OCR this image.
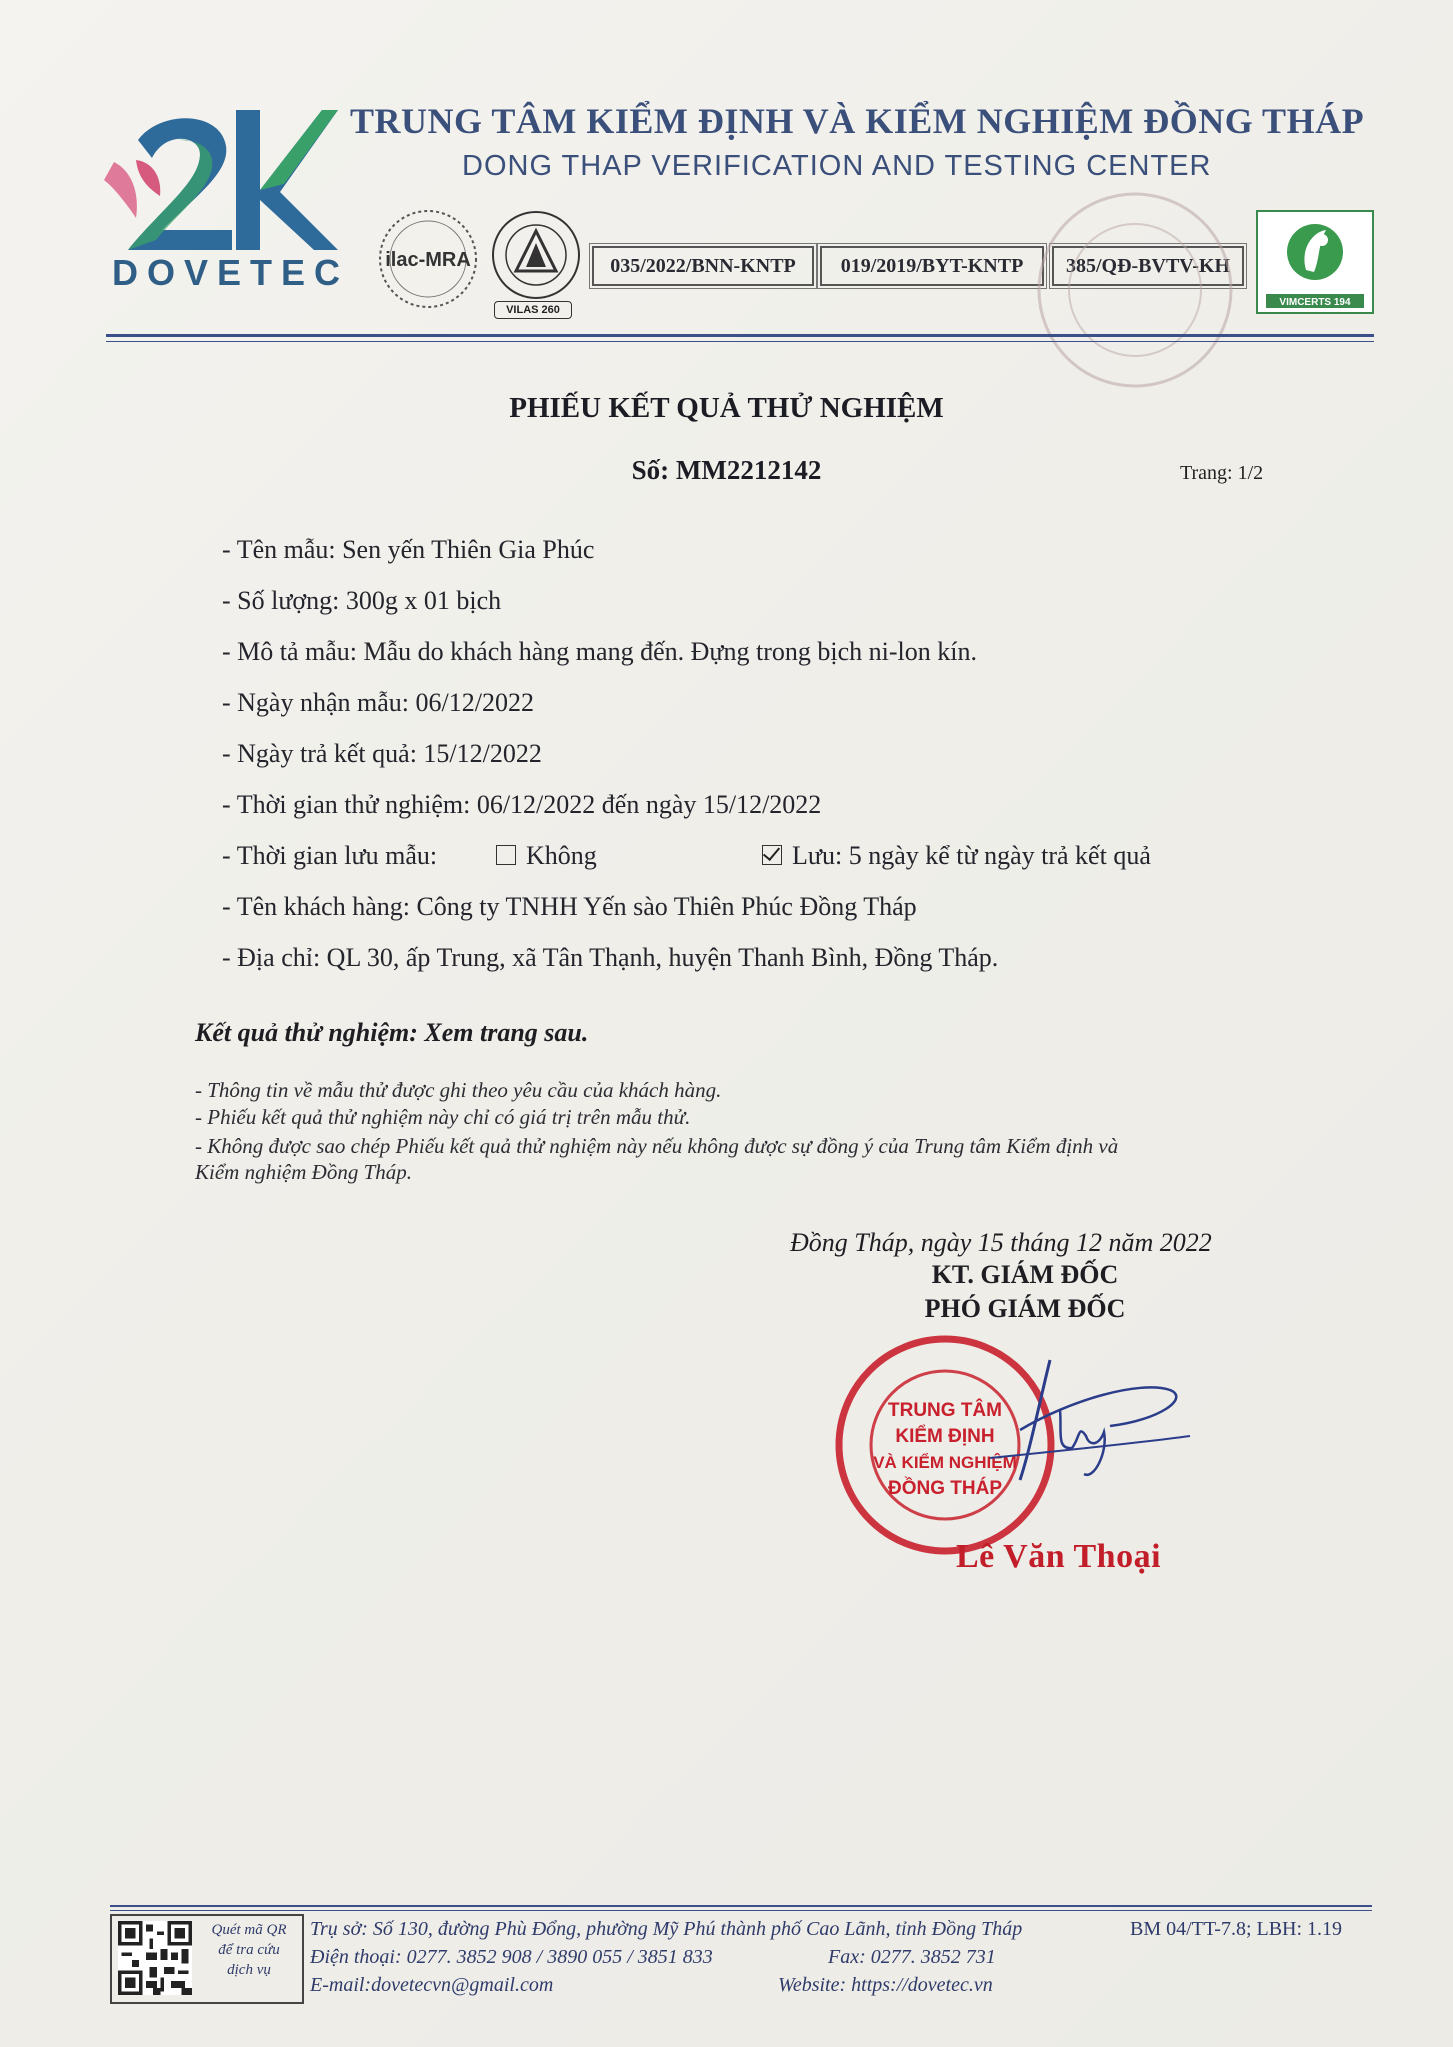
DOVETEC
TRUNG TÂM KIỂM ĐỊNH VÀ KIỂM NGHIỆM ĐỒNG THÁP
DONG THAP VERIFICATION AND TESTING CENTER
ilac-MRA
VILAS 260
035/2022/BNN-KNTP	019/2019/BYT-KNTP	385/QĐ-BVTV-KH
VIMCERTS 194
PHIẾU KẾT QUẢ THỬ NGHIỆM
Số: MM2212142	Trang: 1/2
- Tên mẫu: Sen yến Thiên Gia Phúc
- Số lượng: 300g x 01 bịch
- Mô tả mẫu: Mẫu do khách hàng mang đến. Đựng trong bịch ni-lon kín.
- Ngày nhận mẫu: 06/12/2022
- Ngày trả kết quả: 15/12/2022
- Thời gian thử nghiệm: 06/12/2022 đến ngày 15/12/2022
- Thời gian lưu mẫu:	Không	Lưu: 5 ngày kể từ ngày trả kết quả
- Tên khách hàng: Công ty TNHH Yến sào Thiên Phúc Đồng Tháp
- Địa chỉ: QL 30, ấp Trung, xã Tân Thạnh, huyện Thanh Bình, Đồng Tháp.
Kết quả thử nghiệm: Xem trang sau.
- Thông tin về mẫu thử được ghi theo yêu cầu của khách hàng.
- Phiếu kết quả thử nghiệm này chỉ có giá trị trên mẫu thử.
- Không được sao chép Phiếu kết quả thử nghiệm này nếu không được sự đồng ý của Trung tâm Kiểm định và
Kiểm nghiệm Đồng Tháp.
Đồng Tháp, ngày 15 tháng 12 năm 2022
KT. GIÁM ĐỐC
PHÓ GIÁM ĐỐC
TRUNG TÂM
KIỂM ĐỊNH
VÀ KIỂM NGHIỆM
ĐỒNG THÁP
Lê Văn Thoại
Quét mã QR
để tra cứu
dịch vụ
Trụ sở: Số 130, đường Phù Đổng, phường Mỹ Phú thành phố Cao Lãnh, tỉnh Đồng Tháp
Điện thoại: 0277. 3852 908 / 3890 055 / 3851 833	Fax: 0277. 3852 731
E-mail:dovetecvn@gmail.com	Website: https://dovetec.vn
BM 04/TT-7.8; LBH: 1.19
